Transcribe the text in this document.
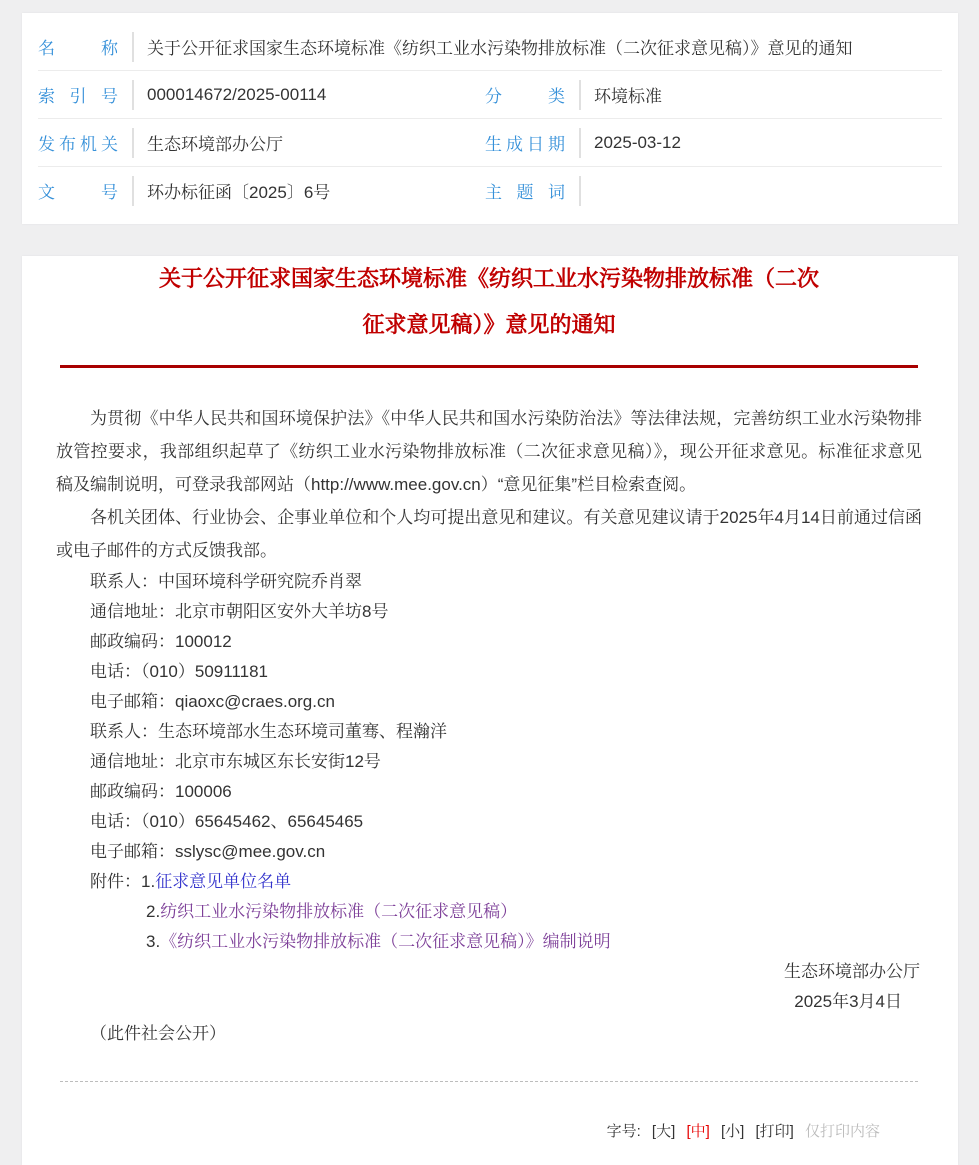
名称 关于公开征求国家生态环境标准《纺织工业水污染物排放标准（二次征求意见稿）》意见的通知
索引号 000014672/2025-00114	分类 环境标准
发布机关 生态环境部办公厅	生成日期 2025-03-12
文号 环办标征函〔2025〕6号	主题词
关于公开征求国家生态环境标准《纺织工业水污染物排放标准（二次
征求意见稿）》意见的通知

为贯彻《中华人民共和国环境保护法》《中华人民共和国水污染防治法》等法律法规，完善纺织工业水污染物排放管控要求，我部组织起草了《纺织工业水污染物排放标准（二次征求意见稿）》，现公开征求意见。标准征求意见稿及编制说明，可登录我部网站（http://www.mee.gov.cn）“意见征集”栏目检索查阅。

各机关团体、行业协会、企事业单位和个人均可提出意见和建议。有关意见建议请于2025年4月14日前通过信函或电子邮件的方式反馈我部。

联系人：中国环境科学研究院乔肖翠
通信地址：北京市朝阳区安外大羊坊8号
邮政编码：100012
电话：（010）50911181
电子邮箱：qiaoxc@craes.org.cn
联系人：生态环境部水生态环境司董骞、程瀚洋
通信地址：北京市东城区东长安街12号
邮政编码：100006
电话：（010）65645462、65645465
电子邮箱：sslysc@mee.gov.cn
附件：1.征求意见单位名单
2.纺织工业水污染物排放标准（二次征求意见稿）
3.《纺织工业水污染物排放标准（二次征求意见稿）》编制说明
生态环境部办公厅
2025年3月4日
（此件社会公开）
字号: [大] [中] [小] [打印] 仅打印内容
